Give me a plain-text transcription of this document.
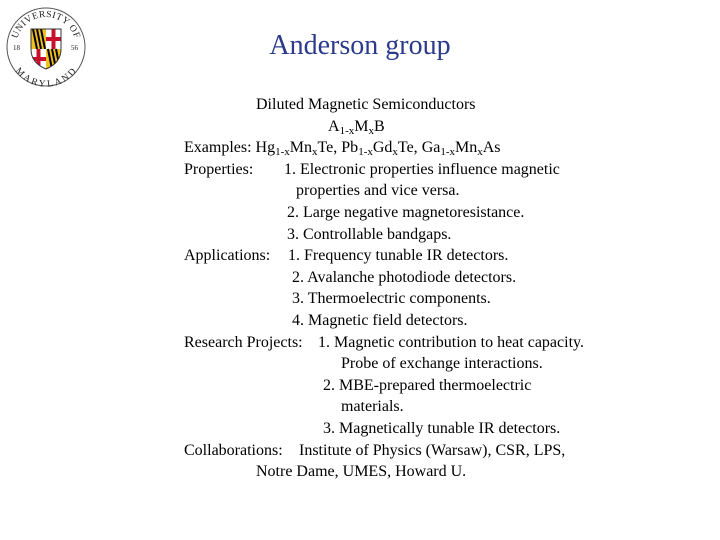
UNIVERSITY OF
MARYLAND
18	56	Anderson group
Diluted Magnetic Semiconductors
$A_{1-x}M_xB$
Examples: $Hg_{1-x}Mn_xTe$, $Pb_{1-x}Gd_xTe$, $Ga_{1-x}Mn_xAs$
Properties: 1. Electronic properties influence magnetic
properties and vice versa.
2. Large negative magnetoresistance.
3. Controllable bandgaps.
Applications: 1. Frequency tunable IR detectors.
2. Avalanche photodiode detectors.
3. Thermoelectric components.
4. Magnetic field detectors.
Research Projects: 1. Magnetic contribution to heat capacity.
Probe of exchange interactions.
2. MBE-prepared thermoelectric
materials.
3. Magnetically tunable IR detectors.
Collaborations: Institute of Physics (Warsaw), CSR, LPS,
Notre Dame, UMES, Howard U.
